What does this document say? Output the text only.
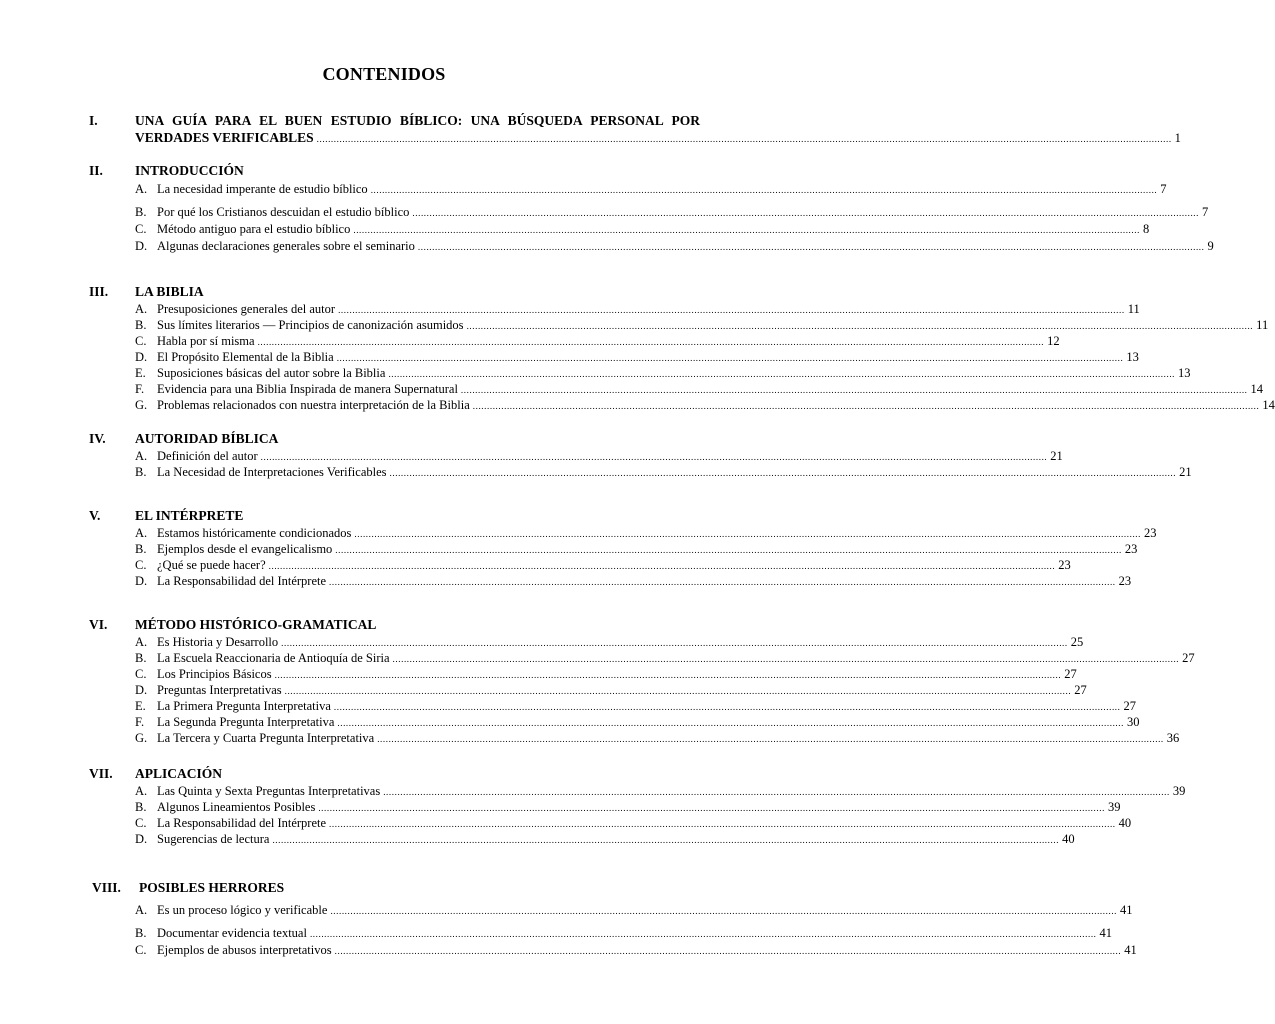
CONTENIDOS
I.	UNA GUÍA PARA EL BUEN ESTUDIO BÍBLICO: UNA BÚSQUEDA PERSONAL POR
VERDADES VERIFICABLES ............................................................................................................................................................................................................................................................................................................ 1
II. INTRODUCCIÓN
A. La necesidad imperante de estudio bíblico .....	7
B. Por qué los Cristianos descuidan el estudio bíblico .....	7
C. Método antiguo para el estudio bíblico .....	8
D. Algunas declaraciones generales sobre el seminario .....	9
III. LA BIBLIA
A. Presuposiciones generales del autor .....	11
B. Sus límites literarios — Principios de canonización asumidos .....	11
C. Habla por sí misma .....	12
D. El Propósito Elemental de la Biblia .....	13
E. Suposiciones básicas del autor sobre la Biblia .....	13
F.	Evidencia para una Biblia Inspirada de manera Supernatural .....	14
G. Problemas relacionados con nuestra interpretación de la Biblia .....	14
IV. AUTORIDAD BÍBLICA
A. Definición del autor .....	21
B. La Necesidad de Interpretaciones Verificables .....	21
V.	EL INTÉRPRETE
A. Estamos históricamente condicionados .....	23
B. Ejemplos desde el evangelicalismo .....	23
C. ¿Qué se puede hacer? .....	23
D. La Responsabilidad del Intérprete .....	23
VI. MÉTODO HISTÓRICO-GRAMATICAL
A. Es Historia y Desarrollo .....	25
B. La Escuela Reaccionaria de Antioquía de Siria .....	27
C. Los Principios Básicos .....	27
D. Preguntas Interpretativas .....	27
E. La Primera Pregunta Interpretativa .....	27
F.	La Segunda Pregunta Interpretativa .....	30
G. La Tercera y Cuarta Pregunta Interpretativa .....	36
VII. APLICACIÓN
A. Las Quinta y Sexta Preguntas Interpretativas .....	39
B. Algunos Lineamientos Posibles .....	39
C. La Responsabilidad del Intérprete .....	40
D. Sugerencias de lectura .....	40
VIII. POSIBLES HERRORES
A. Es un proceso lógico y verificable .....	41
B. Documentar evidencia textual .....	41
C. Ejemplos de abusos interpretativos .....	41
